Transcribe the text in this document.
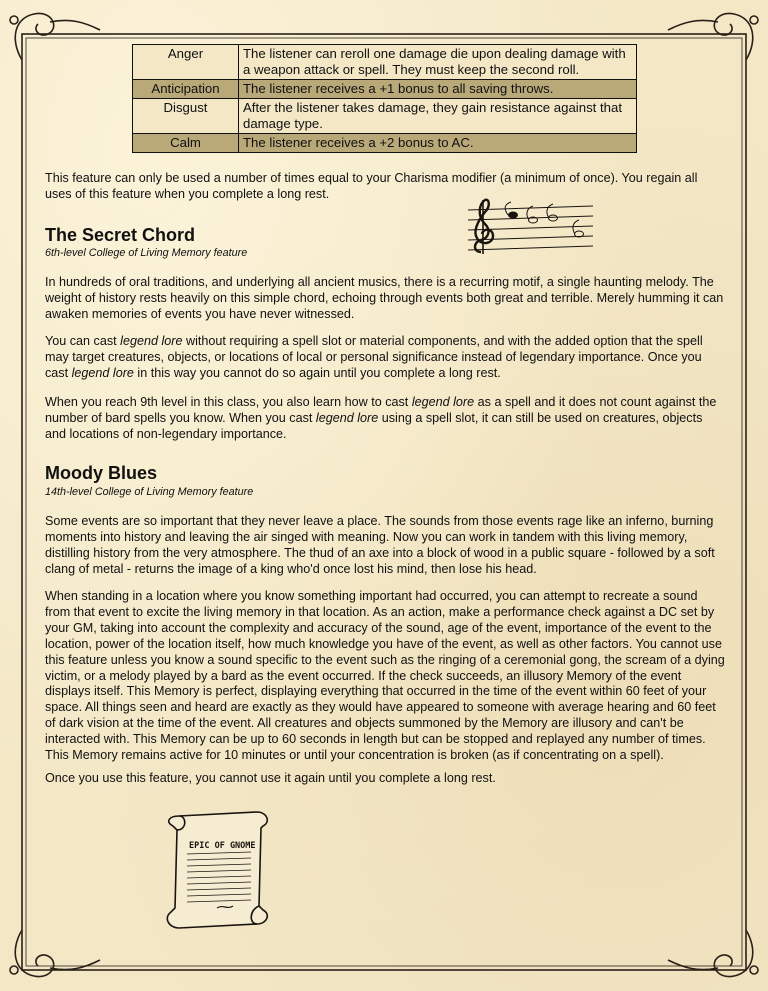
Anger	The listener can reroll one damage die upon dealing damage with a weapon attack or spell. They must keep the second roll.
Anticipation	The listener receives a +1 bonus to all saving throws.
Disgust	After the listener takes damage, they gain resistance against that damage type.
Calm	The listener receives a +2 bonus to AC.

This feature can only be used a number of times equal to your Charisma modifier (a minimum of once). You regain all uses of this feature when you complete a long rest.

The Secret Chord

6th-level College of Living Memory feature

In hundreds of oral traditions, and underlying all ancient musics, there is a recurring motif, a single haunting melody. The weight of history rests heavily on this simple chord, echoing through events both great and terrible. Merely humming it can awaken memories of events you have never witnessed.

You can cast legend lore without requiring a spell slot or material components, and with the added option that the spell may target creatures, objects, or locations of local or personal significance instead of legendary importance. Once you cast legend lore in this way you cannot do so again until you complete a long rest.

When you reach 9th level in this class, you also learn how to cast legend lore as a spell and it does not count against the number of bard spells you know. When you cast legend lore using a spell slot, it can still be used on creatures, objects and locations of non-legendary importance.

Moody Blues

14th-level College of Living Memory feature

Some events are so important that they never leave a place. The sounds from those events rage like an inferno, burning moments into history and leaving the air singed with meaning. Now you can work in tandem with this living memory, distilling history from the very atmosphere. The thud of an axe into a block of wood in a public square - followed by a soft clang of metal - returns the image of a king who'd once lost his mind, then lose his head.

When standing in a location where you know something important had occurred, you can attempt to recreate a sound from that event to excite the living memory in that location. As an action, make a performance check against a DC set by your GM, taking into account the complexity and accuracy of the sound, age of the event, importance of the event to the location, power of the location itself, how much knowledge you have of the event, as well as other factors. You cannot use this feature unless you know a sound specific to the event such as the ringing of a ceremonial gong, the scream of a dying victim, or a melody played by a bard as the event occurred. If the check succeeds, an illusory Memory of the event displays itself. This Memory is perfect, displaying everything that occurred in the time of the event within 60 feet of your space. All things seen and heard are exactly as they would have appeared to someone with average hearing and 60 feet of dark vision at the time of the event. All creatures and objects summoned by the Memory are illusory and can't be interacted with. This Memory can be up to 60 seconds in length but can be stopped and replayed any number of times. This Memory remains active for 10 minutes or until your concentration is broken (as if concentrating on a spell).

Once you use this feature, you cannot use it again until you complete a long rest.

EPIC OF GNOME
